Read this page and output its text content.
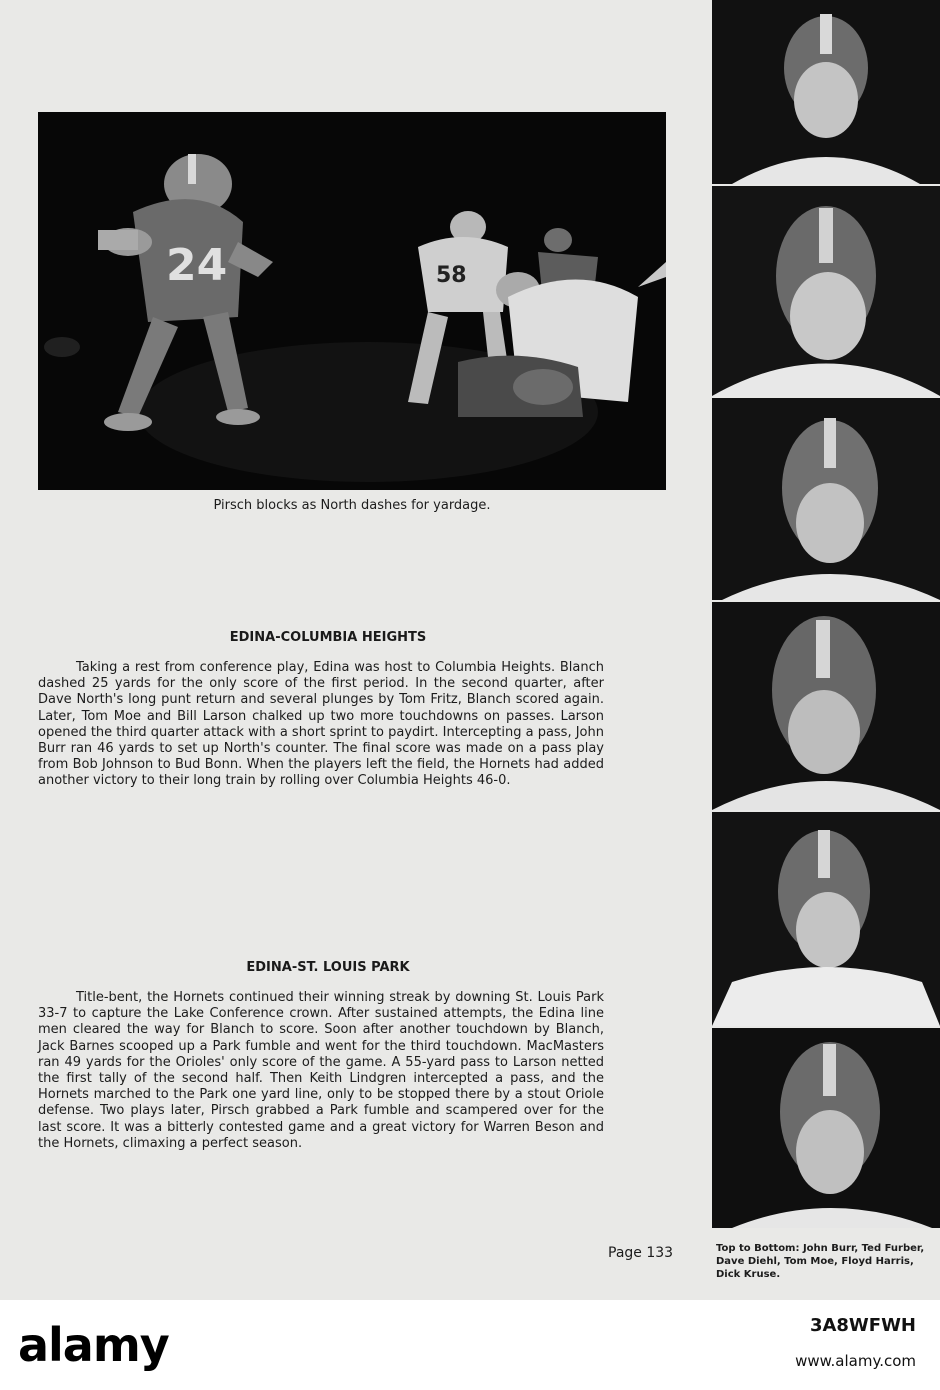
24	58
Pirsch blocks as North dashes for yardage.
EDINA-COLUMBIA HEIGHTS
Taking a rest from conference play, Edina was host to Columbia Heights. Blanch dashed 25 yards for the only score of the first period. In the second quarter, after Dave North's long punt return and several plunges by Tom Fritz, Blanch scored again. Later, Tom Moe and Bill Larson chalked up two more touchdowns on passes. Larson opened the third quarter attack with a short sprint to paydirt. Intercepting a pass, John Burr ran 46 yards to set up North's counter. The final score was made on a pass play from Bob Johnson to Bud Bonn. When the players left the field, the Hornets had added another victory to their long train by rolling over Columbia Heights 46-0.
EDINA-ST. LOUIS PARK
Title-bent, the Hornets continued their winning streak by downing St. Louis Park 33-7 to capture the Lake Conference crown. After sustained attempts, the Edina line men cleared the way for Blanch to score. Soon after another touchdown by Blanch, Jack Barnes scooped up a Park fumble and went for the third touchdown. MacMasters ran 49 yards for the Orioles' only score of the game. A 55-yard pass to Larson netted the first tally of the second half. Then Keith Lindgren intercepted a pass, and the Hornets marched to the Park one yard line, only to be stopped there by a stout Oriole defense. Two plays later, Pirsch grabbed a Park fumble and scampered over for the last score. It was a bitterly contested game and a great victory for Warren Beson and the Hornets, climaxing a perfect season.
Page 133	Top to Bottom: John Burr, Ted Furber, Dave Diehl, Tom Moe, Floyd Harris, Dick Kruse.
alamy	3A8WFWH
www.alamy.com
